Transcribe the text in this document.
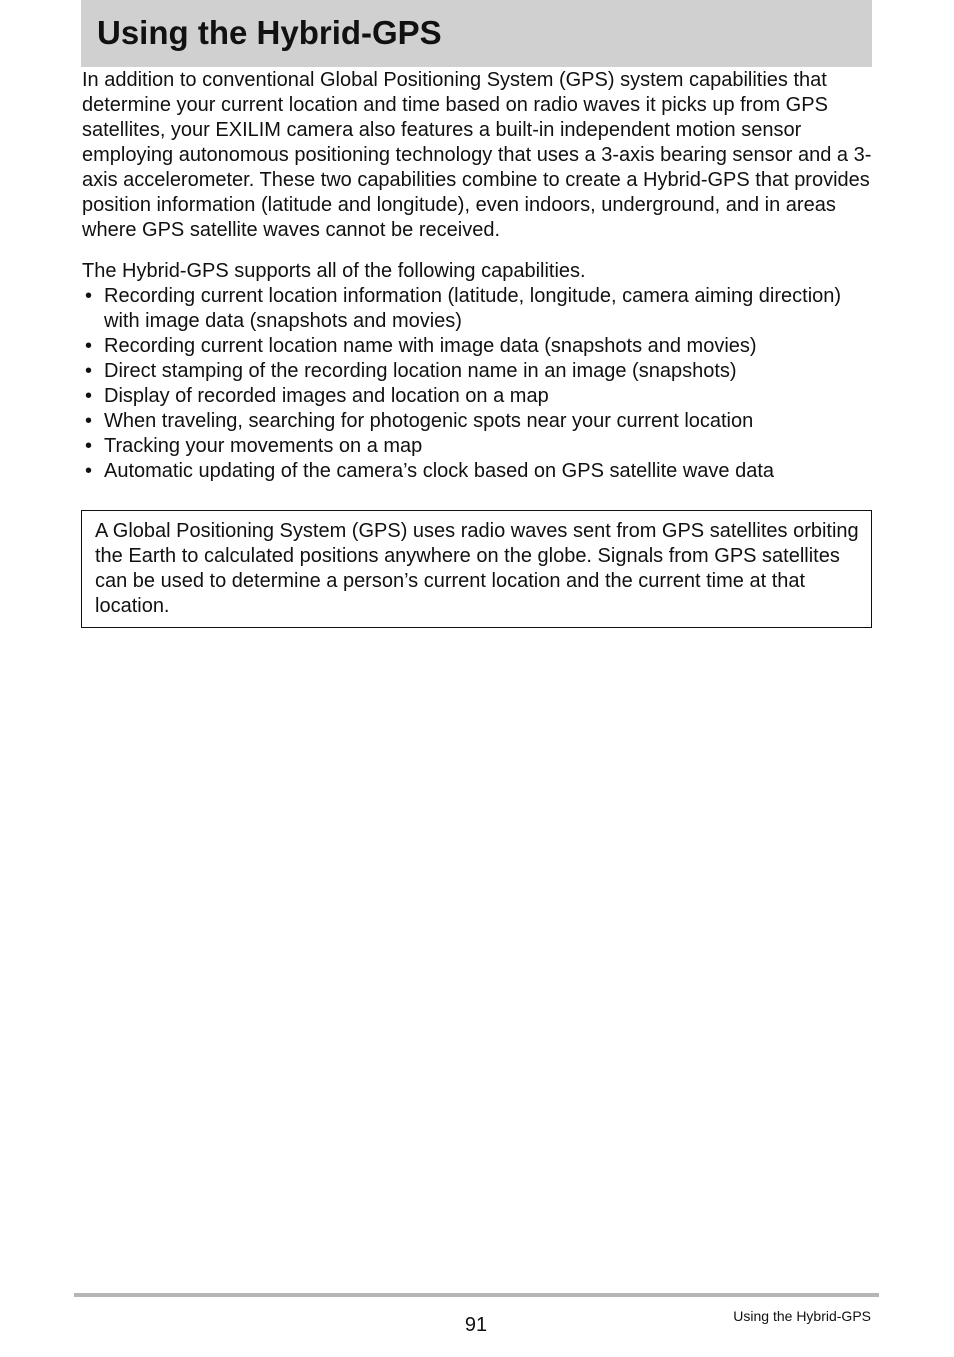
Using the Hybrid-GPS

In addition to conventional Global Positioning System (GPS) system capabilities that determine your current location and time based on radio waves it picks up from GPS satellites, your EXILIM camera also features a built-in independent motion sensor employing autonomous positioning technology that uses a 3-axis bearing sensor and a 3-axis accelerometer. These two capabilities combine to create a Hybrid-GPS that provides position information (latitude and longitude), even indoors, underground, and in areas where GPS satellite waves cannot be received.

The Hybrid-GPS supports all of the following capabilities.

• Recording current location information (latitude, longitude, camera aiming direction) with image data (snapshots and movies)
• Recording current location name with image data (snapshots and movies)
• Direct stamping of the recording location name in an image (snapshots)
• Display of recorded images and location on a map
• When traveling, searching for photogenic spots near your current location
• Tracking your movements on a map
• Automatic updating of the camera’s clock based on GPS satellite wave data

A Global Positioning System (GPS) uses radio waves sent from GPS satellites orbiting the Earth to calculated positions anywhere on the globe. Signals from GPS satellites can be used to determine a person’s current location and the current time at that location.

91	Using the Hybrid-GPS
